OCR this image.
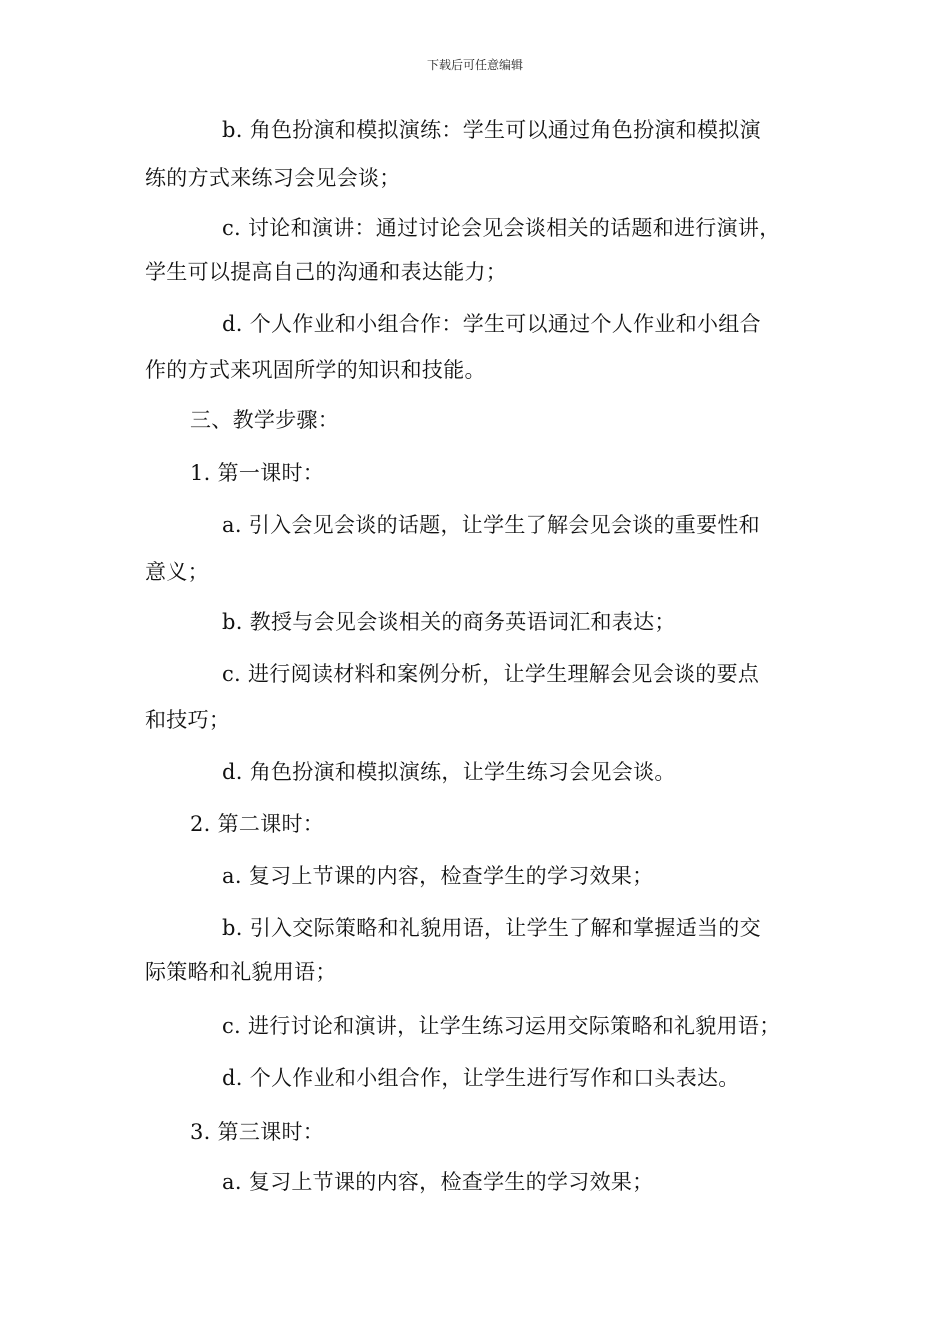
下载后可任意编辑
b. 角色扮演和模拟演练：学生可以通过角色扮演和模拟演
练的方式来练习会见会谈；
c. 讨论和演讲：通过讨论会见会谈相关的话题和进行演讲，
学生可以提高自己的沟通和表达能力；
d. 个人作业和小组合作：学生可以通过个人作业和小组合
作的方式来巩固所学的知识和技能。
三、教学步骤：
1. 第一课时：
a. 引入会见会谈的话题，让学生了解会见会谈的重要性和
意义；
b. 教授与会见会谈相关的商务英语词汇和表达；
c. 进行阅读材料和案例分析，让学生理解会见会谈的要点
和技巧；
d. 角色扮演和模拟演练，让学生练习会见会谈。
2. 第二课时：
a. 复习上节课的内容，检查学生的学习效果；
b. 引入交际策略和礼貌用语，让学生了解和掌握适当的交
际策略和礼貌用语；
c. 进行讨论和演讲，让学生练习运用交际策略和礼貌用语；
d. 个人作业和小组合作，让学生进行写作和口头表达。
3. 第三课时：
a. 复习上节课的内容，检查学生的学习效果；
